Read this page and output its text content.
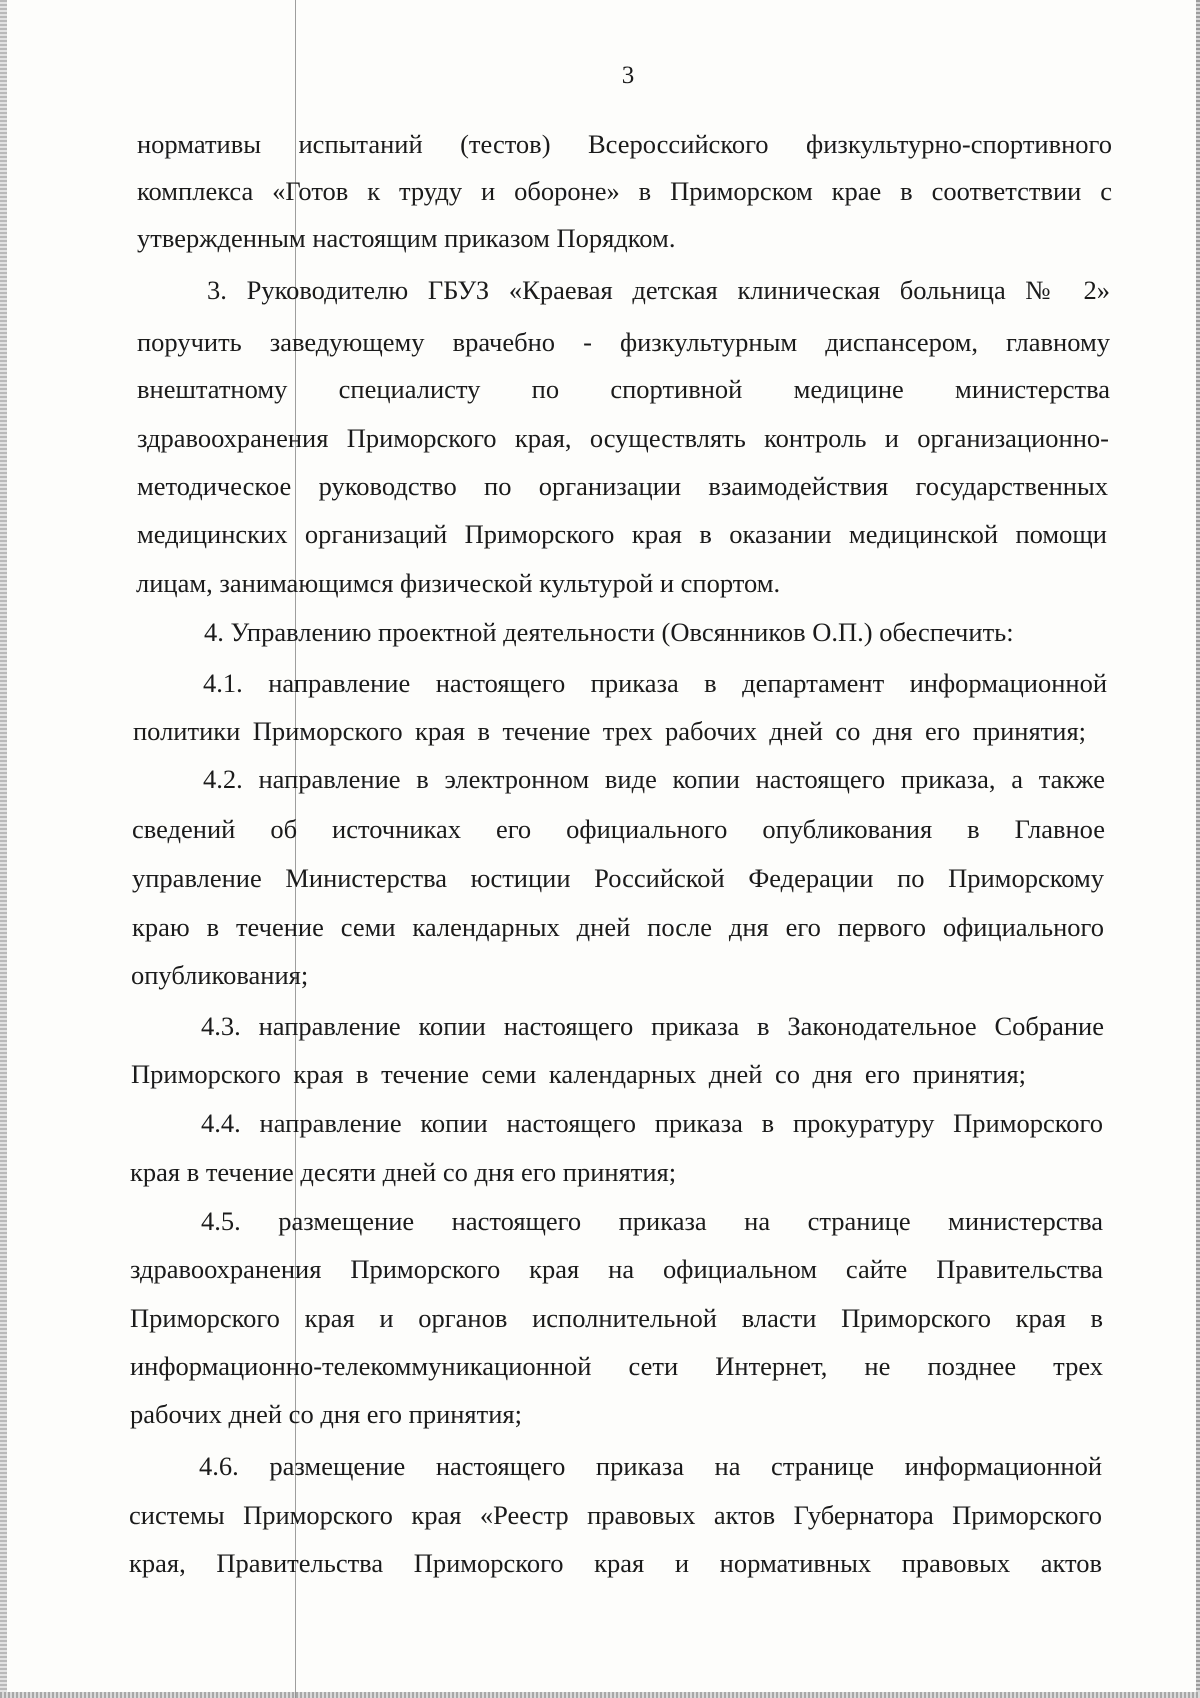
3
нормативы испытаний (тестов) Всероссийского физкультурно-спортивного
комплекса «Готов к труду и обороне» в Приморском крае в соответствии с
утвержденным настоящим приказом Порядком.
3. Руководителю ГБУЗ «Краевая детская клиническая больница № 2»
поручить заведующему врачебно - физкультурным диспансером, главному
внештатному специалисту по спортивной медицине министерства
здравоохранения Приморского края, осуществлять контроль и организационно-
методическое руководство по организации взаимодействия государственных
медицинских организаций Приморского края в оказании медицинской помощи
лицам, занимающимся физической культурой и спортом.
4. Управлению проектной деятельности (Овсянников О.П.) обеспечить:
4.1. направление настоящего приказа в департамент информационной
политики Приморского края в течение трех рабочих дней со дня его принятия;
4.2. направление в электронном виде копии настоящего приказа, а также
сведений об источниках его официального опубликования в Главное
управление Министерства юстиции Российской Федерации по Приморскому
краю в течение семи календарных дней после дня его первого официального
опубликования;
4.3. направление копии настоящего приказа в Законодательное Собрание
Приморского края в течение семи календарных дней со дня его принятия;
4.4. направление копии настоящего приказа в прокуратуру Приморского
края в течение десяти дней со дня его принятия;
4.5. размещение настоящего приказа на странице министерства
здравоохранения Приморского края на официальном сайте Правительства
Приморского края и органов исполнительной власти Приморского края в
информационно-телекоммуникационной сети Интернет, не позднее трех
рабочих дней со дня его принятия;
4.6. размещение настоящего приказа на странице информационной
системы Приморского края «Реестр правовых актов Губернатора Приморского
края, Правительства Приморского края и нормативных правовых актов
